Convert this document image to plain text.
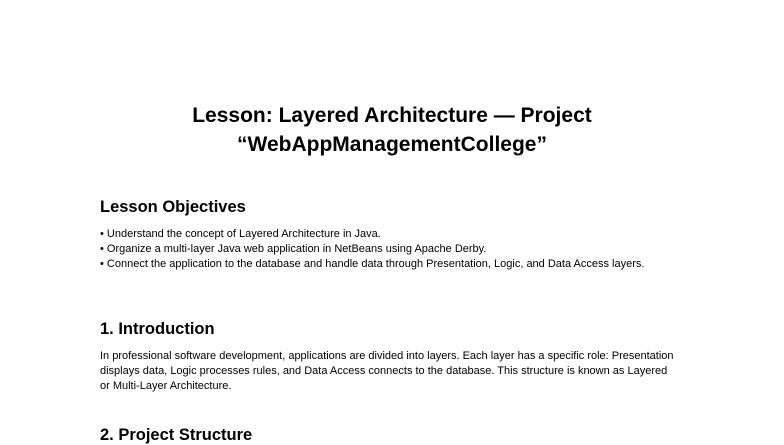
Lesson: Layered Architecture — Project
“WebAppManagementCollege”
Lesson Objectives
• Understand the concept of Layered Architecture in Java.
• Organize a multi-layer Java web application in NetBeans using Apache Derby.
• Connect the application to the database and handle data through Presentation, Logic, and Data Access layers.
1. Introduction

In professional software development, applications are divided into layers. Each layer has a specific role: Presentation displays data, Logic processes rules, and Data Access connects to the database. This structure is known as Layered or Multi-Layer Architecture.

2. Project Structure
